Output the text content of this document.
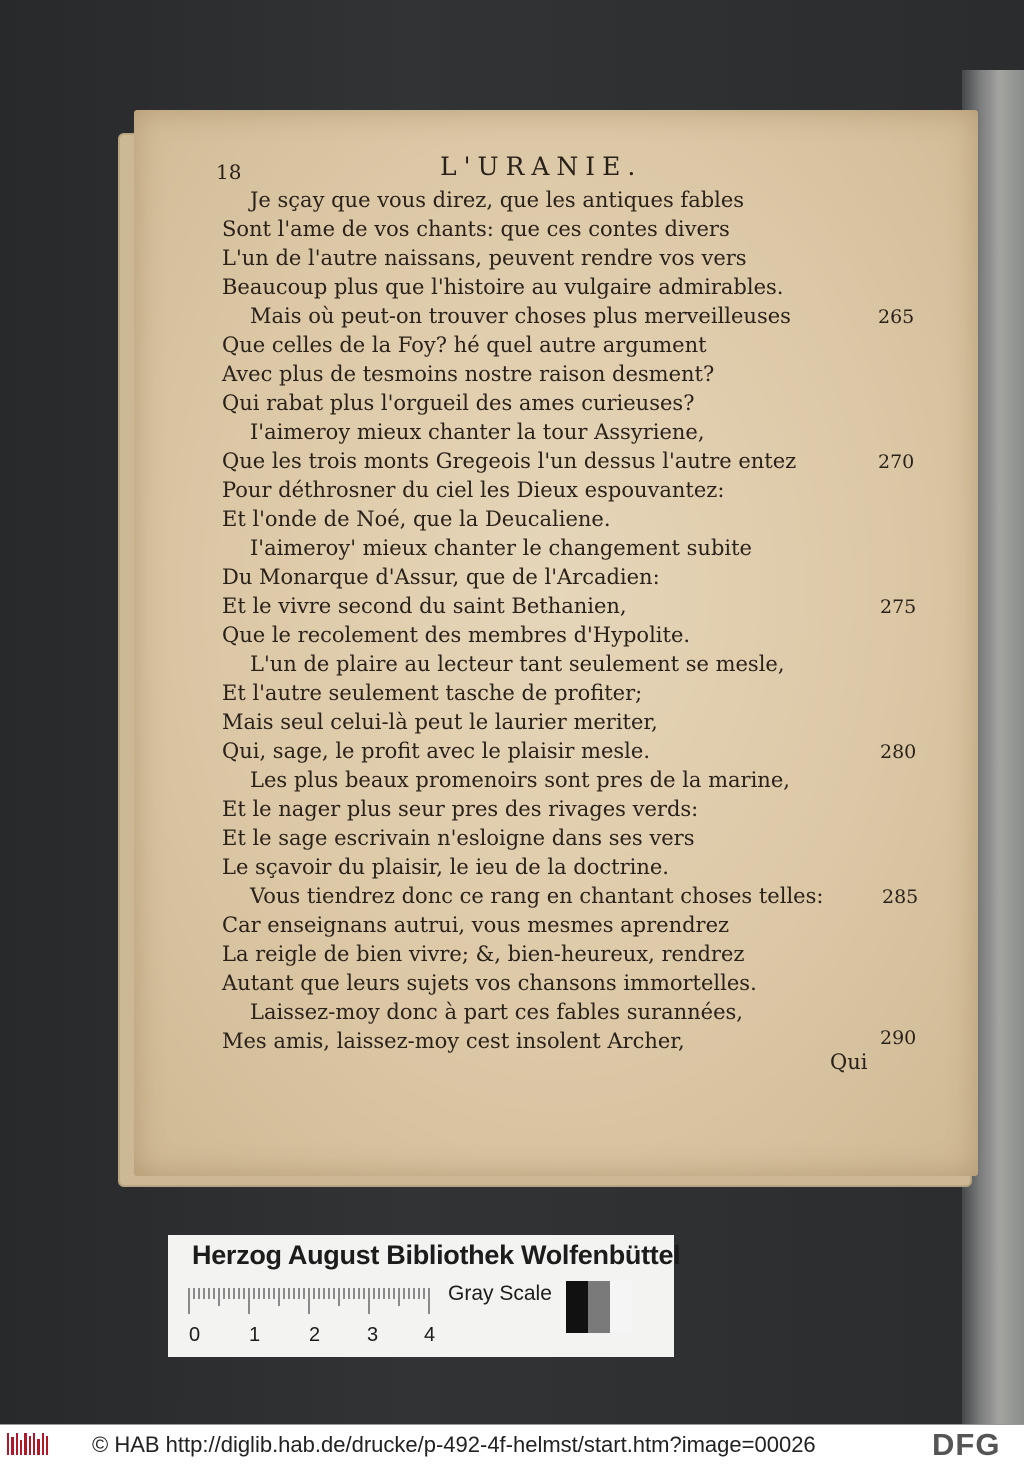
18	L'URANIE.
Je sçay que vous direz, que les antiques fables
Sont l'ame de vos chants: que ces contes divers
L'un de l'autre naissans, peuvent rendre vos vers
Beaucoup plus que l'histoire au vulgaire admirables.
Mais où peut-on trouver choses plus merveilleuses
Que celles de la Foy? hé quel autre argument
Avec plus de tesmoins nostre raison desment?
Qui rabat plus l'orgueil des ames curieuses?
I'aimeroy mieux chanter la tour Assyriene,
Que les trois monts Gregeois l'un dessus l'autre entez
Pour déthrosner du ciel les Dieux espouvantez:
Et l'onde de Noé, que la Deucaliene.
I'aimeroy' mieux chanter le changement subite
Du Monarque d'Assur, que de l'Arcadien:
Et le vivre second du saint Bethanien,
Que le recolement des membres d'Hypolite.
L'un de plaire au lecteur tant seulement se mesle,
Et l'autre seulement tasche de profiter;
Mais seul celui-là peut le laurier meriter,
Qui, sage, le profit avec le plaisir mesle.
Les plus beaux promenoirs sont pres de la marine,
Et le nager plus seur pres des rivages verds:
Et le sage escrivain n'esloigne dans ses vers
Le sçavoir du plaisir, le ieu de la doctrine.
Vous tiendrez donc ce rang en chantant choses telles:
Car enseignans autrui, vous mesmes aprendrez
La reigle de bien vivre; &, bien-heureux, rendrez
Autant que leurs sujets vos chansons immortelles.
Laissez-moy donc à part ces fables surannées,
Mes amis, laissez-moy cest insolent Archer,
265
270
275
280
285
290
Qui
Herzog August Bibliothek Wolfenbüttel
0 1 2 3 4
Gray Scale
© HAB http://diglib.hab.de/drucke/p-492-4f-helmst/start.htm?image=00026	DFG
